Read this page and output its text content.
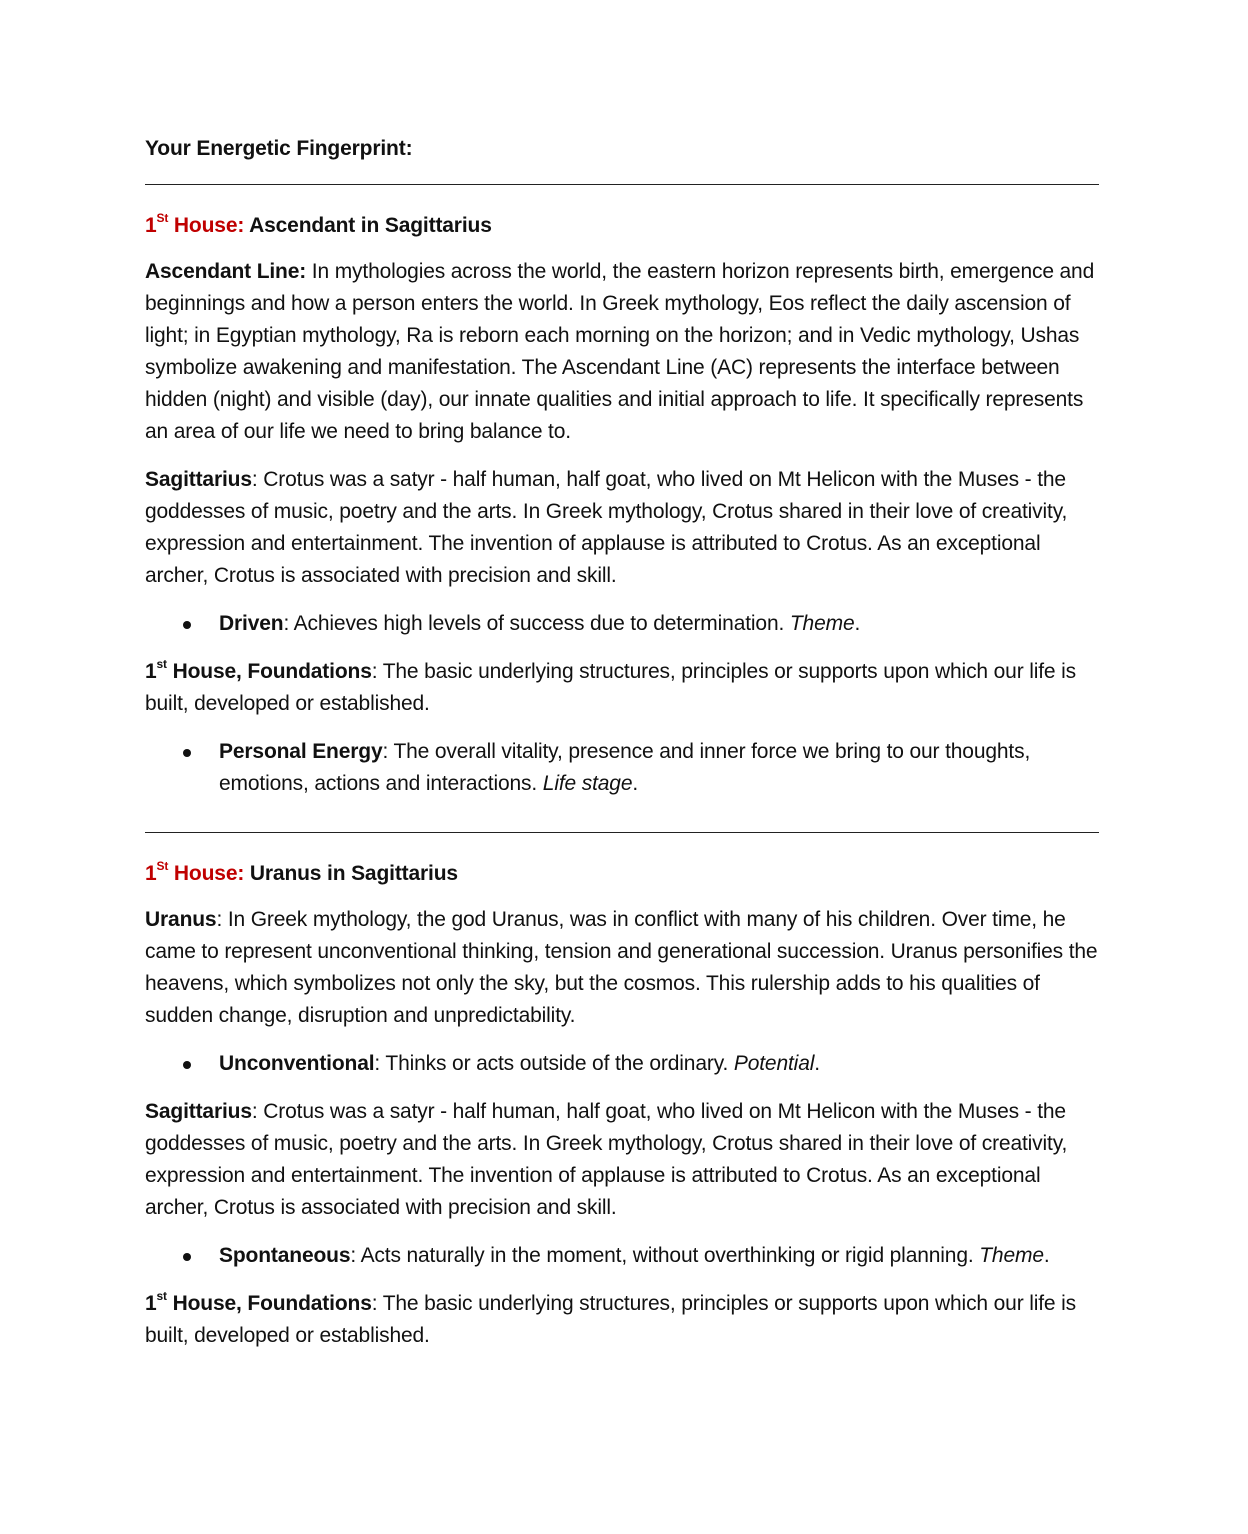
Your Energetic Fingerprint:
1St House: Ascendant in Sagittarius

Ascendant Line: In mythologies across the world, the eastern horizon represents birth, emergence and beginnings and how a person enters the world. In Greek mythology, Eos reflect the daily ascension of light; in Egyptian mythology, Ra is reborn each morning on the horizon; and in Vedic mythology, Ushas symbolize awakening and manifestation. The Ascendant Line (AC) represents the interface between hidden (night) and visible (day), our innate qualities and initial approach to life. It specifically represents an area of our life we need to bring balance to.

Sagittarius: Crotus was a satyr - half human, half goat, who lived on Mt Helicon with the Muses - the goddesses of music, poetry and the arts. In Greek mythology, Crotus shared in their love of creativity, expression and entertainment. The invention of applause is attributed to Crotus. As an exceptional archer, Crotus is associated with precision and skill.

Driven: Achieves high levels of success due to determination. Theme.

1st House, Foundations: The basic underlying structures, principles or supports upon which our life is built, developed or established.

Personal Energy: The overall vitality, presence and inner force we bring to our thoughts, emotions, actions and interactions. Life stage.
1St House: Uranus in Sagittarius

Uranus: In Greek mythology, the god Uranus, was in conflict with many of his children. Over time, he came to represent unconventional thinking, tension and generational succession. Uranus personifies the heavens, which symbolizes not only the sky, but the cosmos. This rulership adds to his qualities of sudden change, disruption and unpredictability.

Unconventional: Thinks or acts outside of the ordinary. Potential.

Sagittarius: Crotus was a satyr - half human, half goat, who lived on Mt Helicon with the Muses - the goddesses of music, poetry and the arts. In Greek mythology, Crotus shared in their love of creativity, expression and entertainment. The invention of applause is attributed to Crotus. As an exceptional archer, Crotus is associated with precision and skill.

Spontaneous: Acts naturally in the moment, without overthinking or rigid planning. Theme.

1st House, Foundations: The basic underlying structures, principles or supports upon which our life is built, developed or established.
